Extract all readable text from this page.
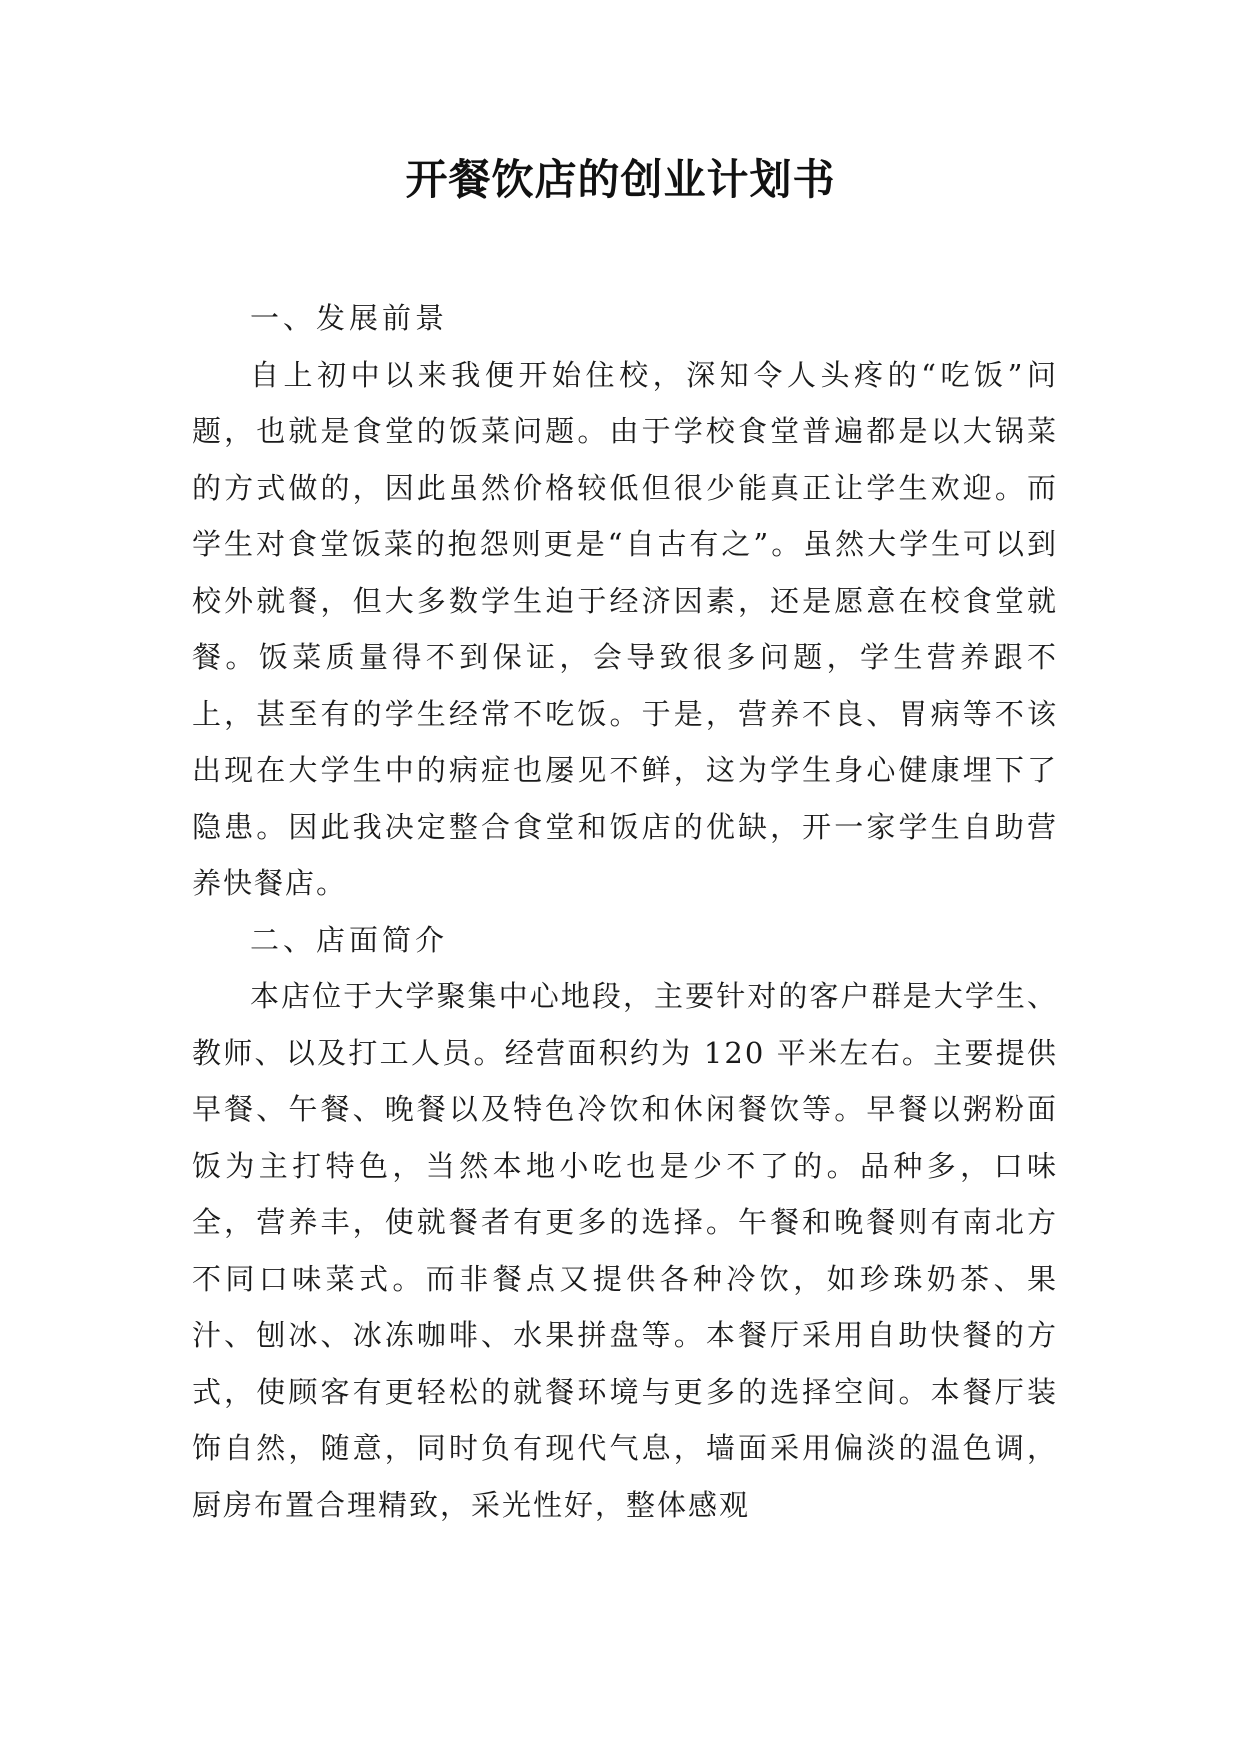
开餐饮店的创业计划书

一、发展前景

自上初中以来我便开始住校，深知令人头疼的“吃饭”问题，也就是食堂的饭菜问题。由于学校食堂普遍都是以大锅菜的方式做的，因此虽然价格较低但很少能真正让学生欢迎。而学生对食堂饭菜的抱怨则更是“自古有之”。虽然大学生可以到校外就餐，但大多数学生迫于经济因素，还是愿意在校食堂就餐。饭菜质量得不到保证，会导致很多问题，学生营养跟不上，甚至有的学生经常不吃饭。于是，营养不良、胃病等不该出现在大学生中的病症也屡见不鲜，这为学生身心健康埋下了隐患。因此我决定整合食堂和饭店的优缺，开一家学生自助营养快餐店。

二、店面简介

本店位于大学聚集中心地段，主要针对的客户群是大学生、教师、以及打工人员。经营面积约为 120 平米左右。主要提供早餐、午餐、晚餐以及特色冷饮和休闲餐饮等。早餐以粥粉面饭为主打特色，当然本地小吃也是少不了的。品种多，口味全，营养丰，使就餐者有更多的选择。午餐和晚餐则有南北方不同口味菜式。而非餐点又提供各种冷饮，如珍珠奶茶、果汁、刨冰、冰冻咖啡、水果拼盘等。本餐厅采用自助快餐的方式，使顾客有更轻松的就餐环境与更多的选择空间。本餐厅装饰自然，随意，同时负有现代气息，墙面采用偏淡的温色调，厨房布置合理精致，采光性好，整体感观
